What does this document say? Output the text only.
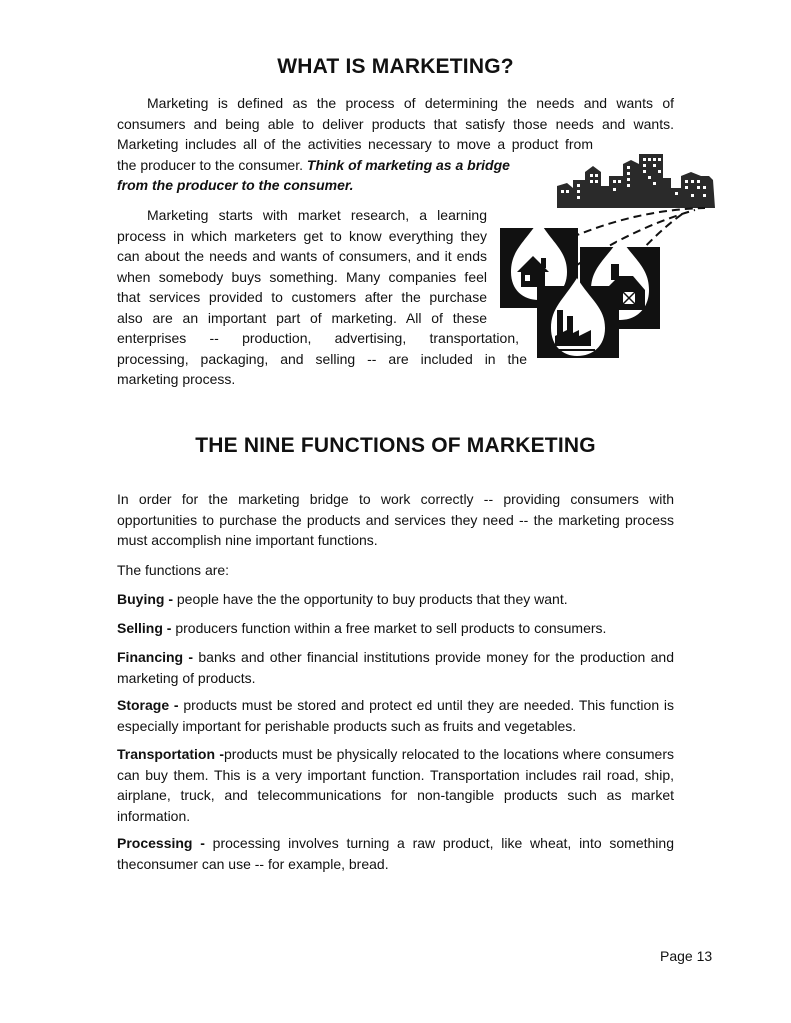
WHAT IS MARKETING?

Marketing is defined as the process of determining the needs and wants of
consumers and being able to deliver products that satisfy those needs and wants.
Marketing includes all of the activities necessary to move a product from
the producer to the consumer. Think of marketing as a bridge
from the producer to the consumer.

Marketing starts with market research, a learning
process in which marketers get to know everything they
can about the needs and wants of consumers, and it ends
when somebody buys something. Many companies feel
that services provided to customers after the purchase
also are an important part of marketing. All of these
enterprises -- production, advertising, transportation,
processing, packaging, and selling -- are included in the
marketing process.

THE NINE FUNCTIONS OF MARKETING

In order for the marketing bridge to work correctly -- providing consumers with opportunities to purchase the products and services they need -- the marketing process must accomplish nine important functions.

The functions are:

Buying - people have the the opportunity to buy products that they want.

Selling - producers function within a free market to sell products to consumers.

Financing - banks and other financial institutions provide money for the production and marketing of products.

Storage - products must be stored and protect ed until they are needed. This function is especially important for perishable products such as fruits and vegetables.

Transportation -products must be physically relocated to the locations where consumers can buy them. This is a very important function. Transportation includes rail road, ship, airplane, truck, and telecommunications for non-tangible products such as market information.

Processing - processing involves turning a raw product, like wheat, into something theconsumer can use -- for example, bread.

Page 13
